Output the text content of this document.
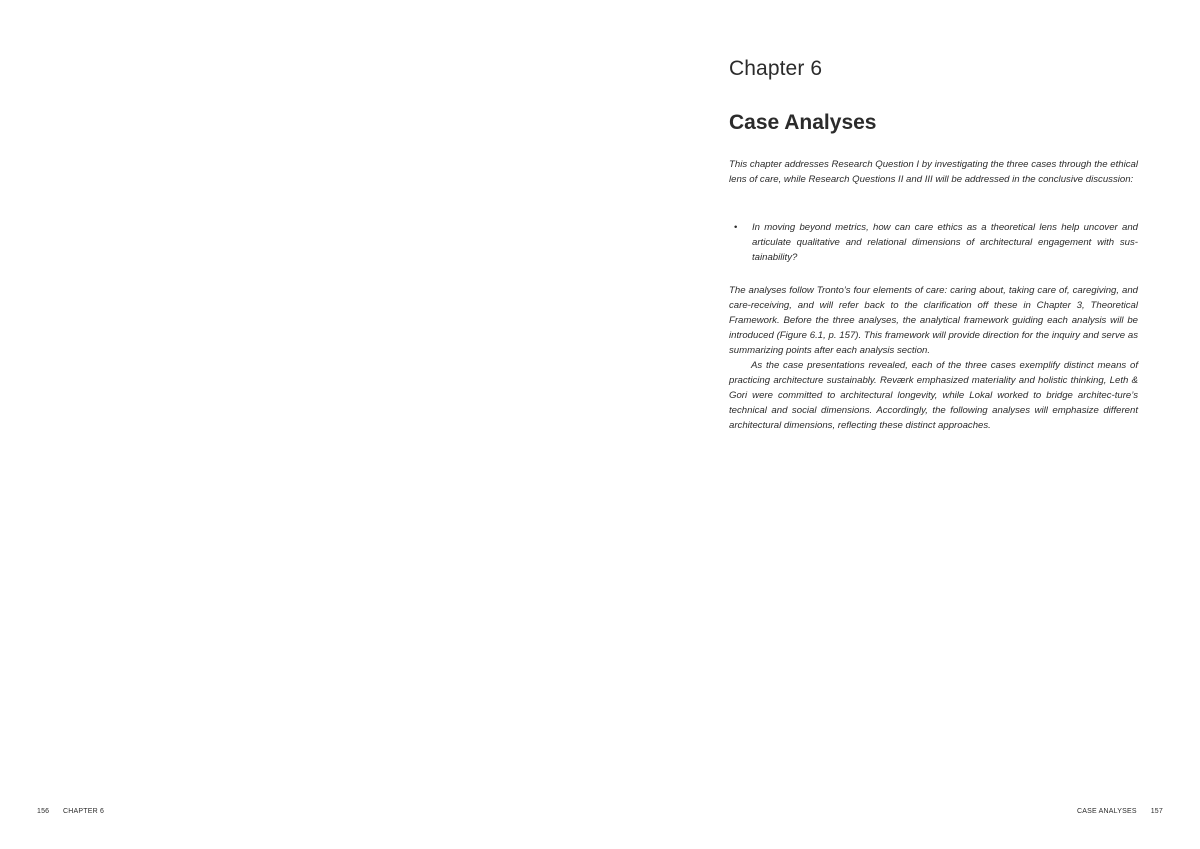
156 CHAPTER 6
Chapter 6
Case Analyses

This chapter addresses Research Question I by investigating the three cases through the ethical lens of care, while Research Questions II and III will be addressed in the conclusive discussion:

• In moving beyond metrics, how can care ethics as a theoretical lens help uncover and articulate qualitative and relational dimensions of architectural engagement with sus-tainability?

The analyses follow Tronto’s four elements of care: caring about, taking care of, caregiving, and care-receiving, and will refer back to the clarification off these in Chapter 3, Theoretical Framework. Before the three analyses, the analytical framework guiding each analysis will be introduced (Figure 6.1, p. 157). This framework will provide direction for the inquiry and serve as summarizing points after each analysis section.

As the case presentations revealed, each of the three cases exemplify distinct means of practicing architecture sustainably. Reværk emphasized materiality and holistic thinking, Leth & Gori were committed to architectural longevity, while Lokal worked to bridge architec-ture’s technical and social dimensions. Accordingly, the following analyses will emphasize different architectural dimensions, reflecting these distinct approaches.

CASE ANALYSES 157
